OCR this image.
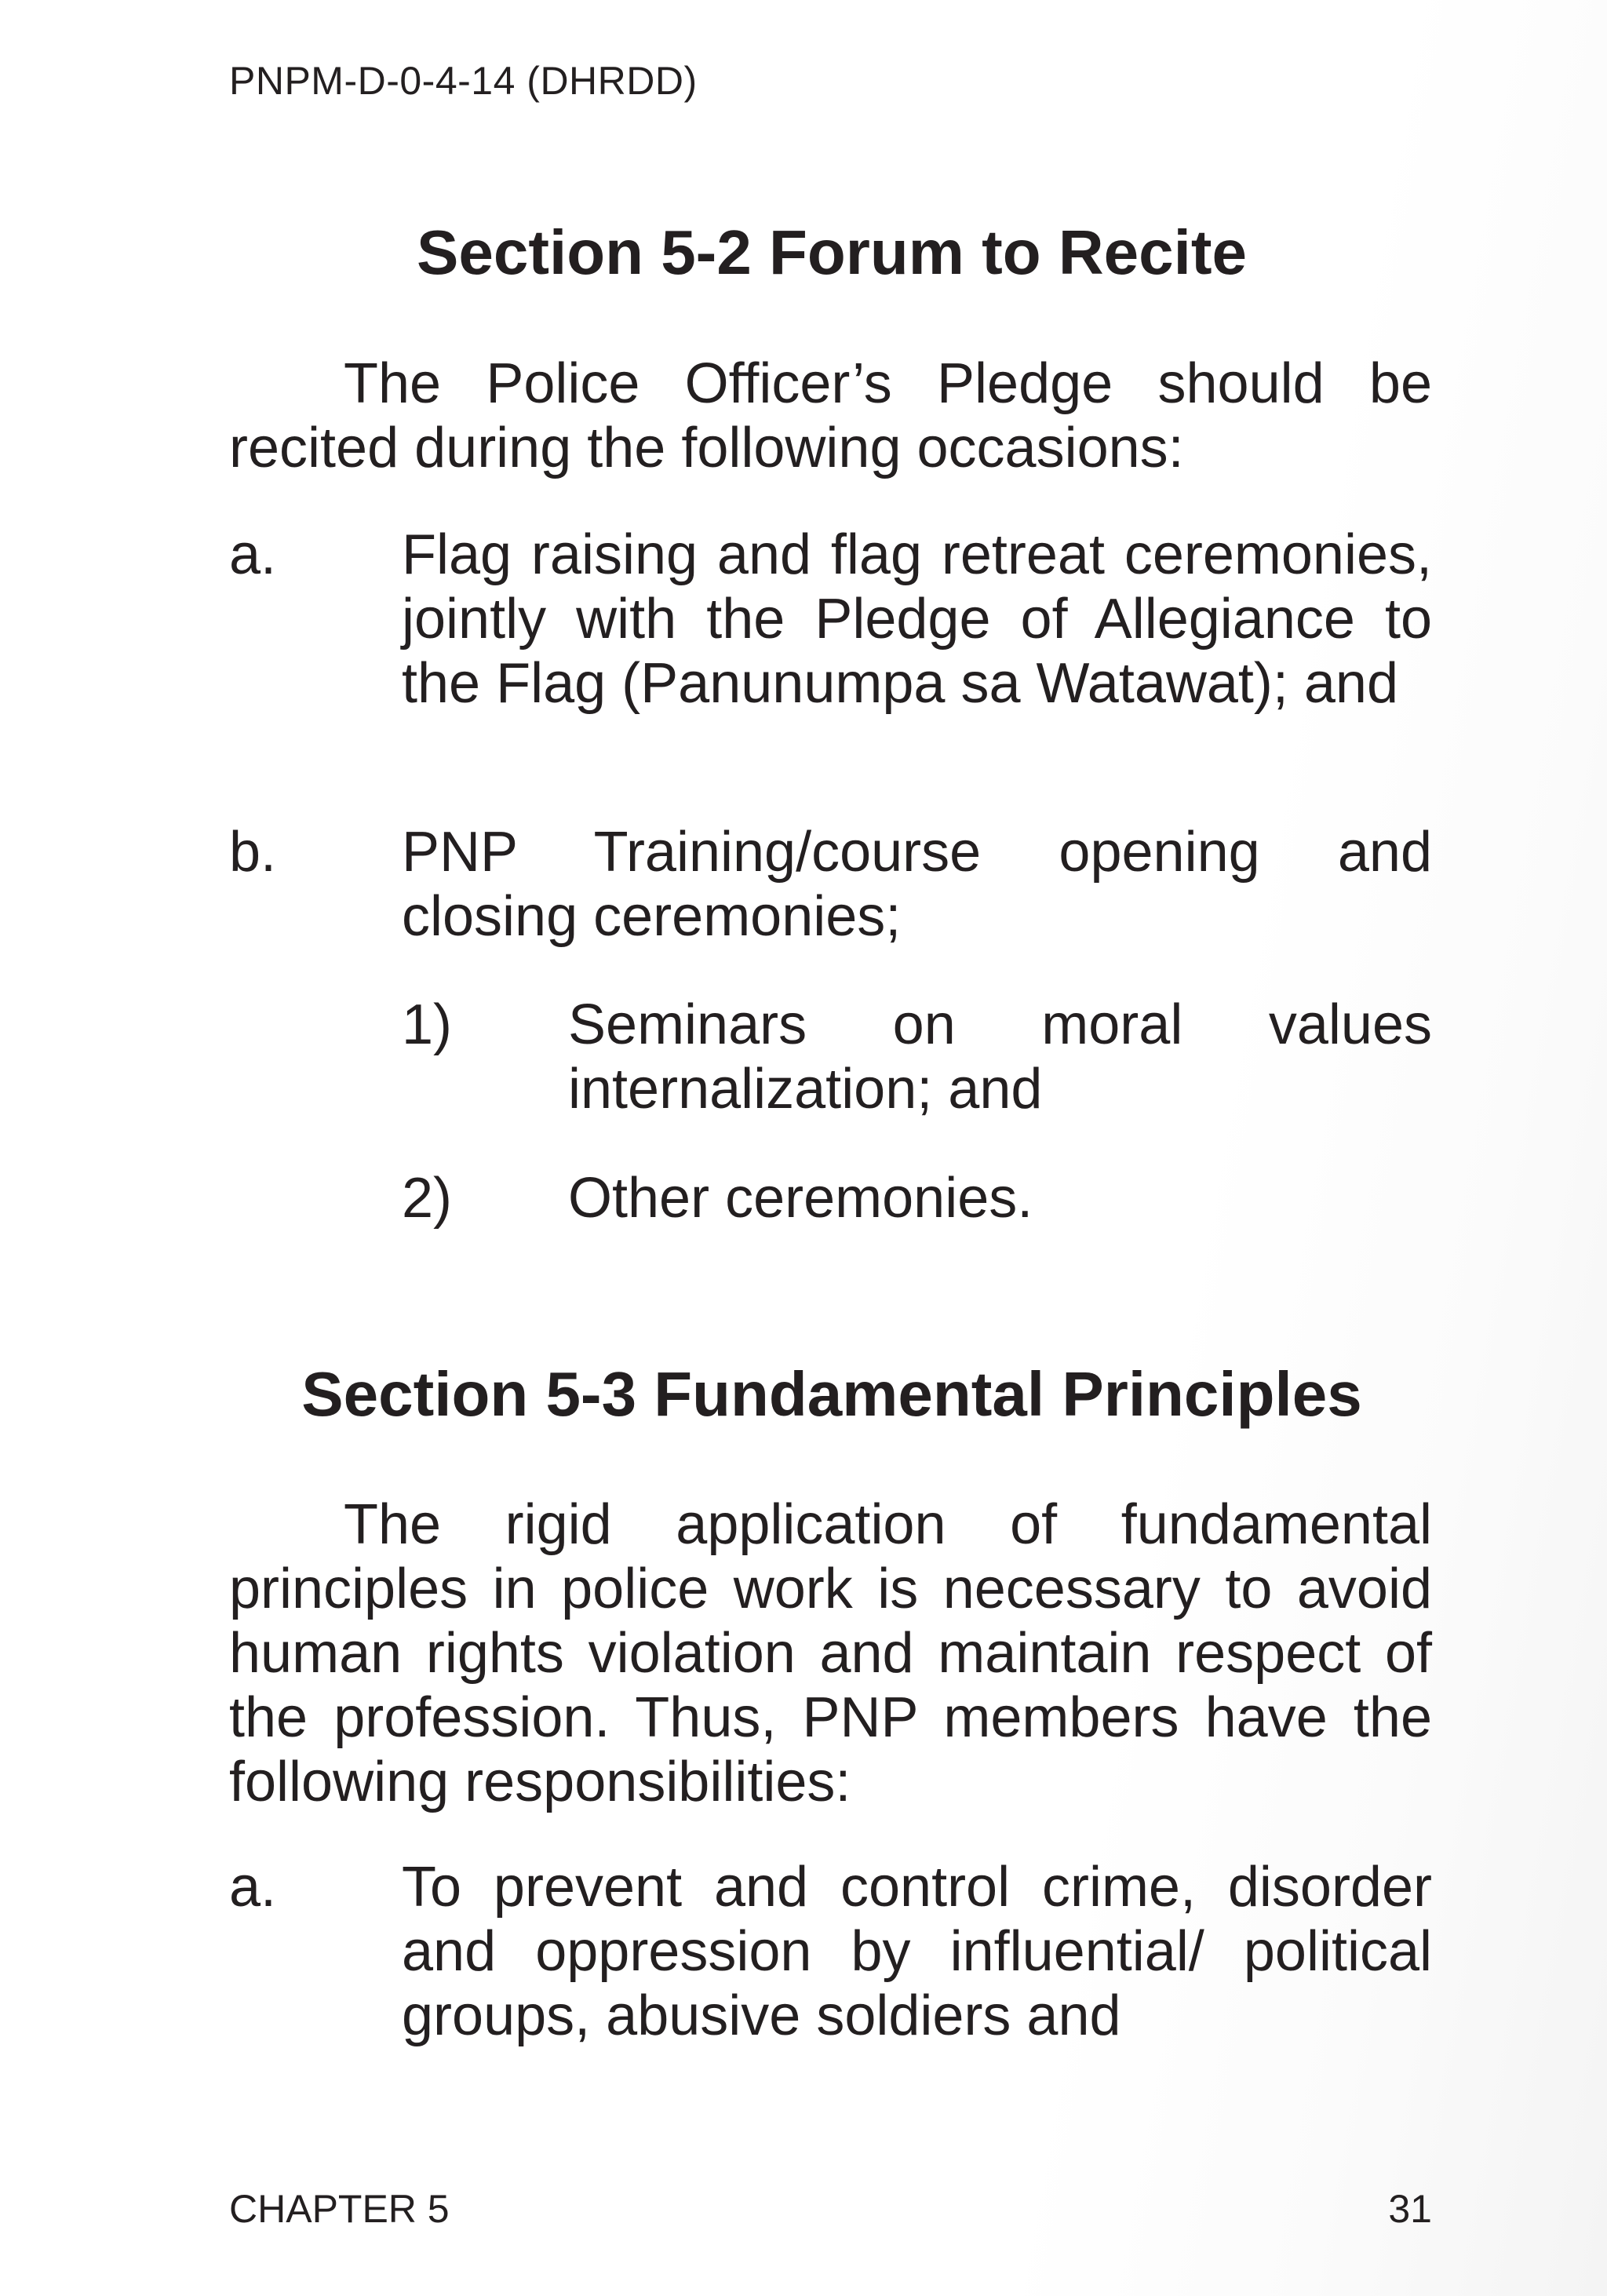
PNPM-D-0-4-14 (DHRDD)
Section 5-2 Forum to Recite

The Police Officer’s Pledge should be recited during the following occasions:

a. Flag raising and flag retreat ceremonies, jointly with the Pledge of Allegiance to the Flag (Panunumpa sa Watawat); and
b. PNP Training/course opening and closing ceremonies;
1) Seminars on moral values internalization; and
2) Other ceremonies.
Section 5-3 Fundamental Principles

The rigid application of fundamental principles in police work is necessary to avoid human rights violation and maintain respect of the profession. Thus, PNP members have the following responsibilities:

a. To prevent and control crime, disorder and oppression by influential/ political groups, abusive soldiers and
CHAPTER 5	31
